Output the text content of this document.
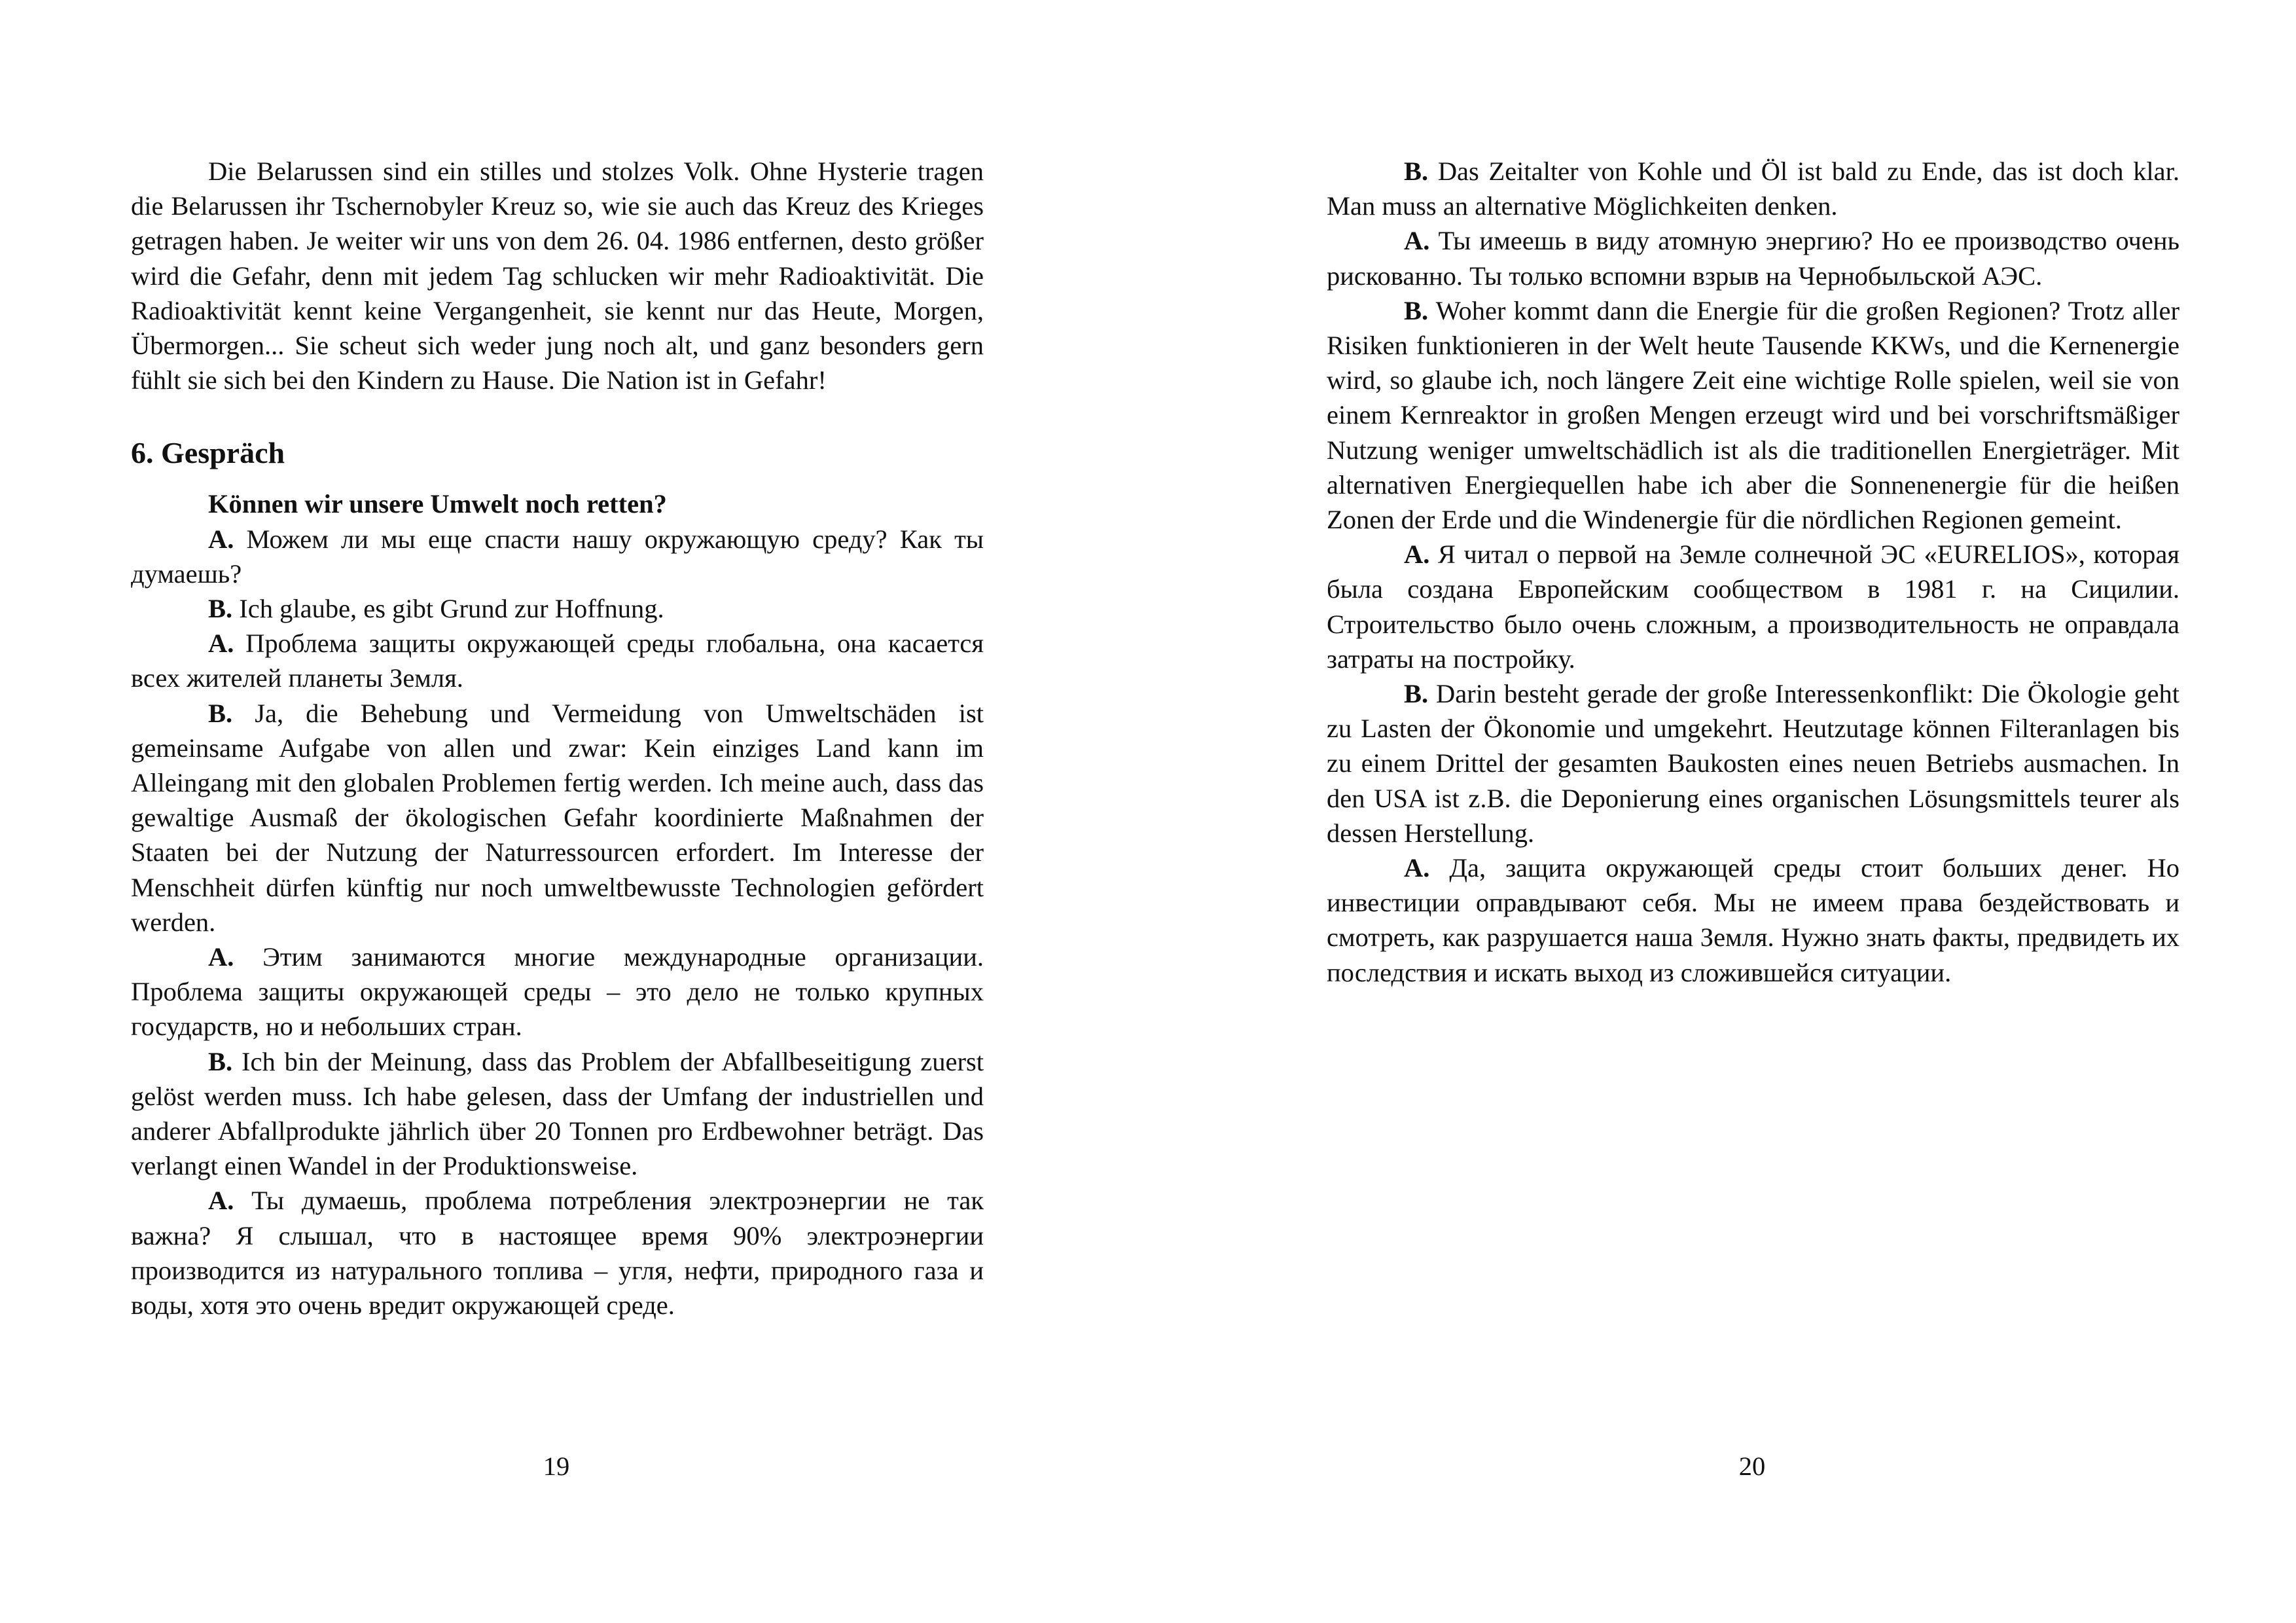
Die Belarussen sind ein stilles und stolzes Volk. Ohne Hysterie tragen die Belarussen ihr Tschernobyler Kreuz so, wie sie auch das Kreuz des Krieges getragen haben. Je weiter wir uns von dem 26. 04. 1986 entfernen, desto größer wird die Gefahr, denn mit jedem Tag schlucken wir mehr Radioaktivität. Die Radioaktivität kennt keine Vergangenheit, sie kennt nur das Heute, Morgen, Übermorgen... Sie scheut sich weder jung noch alt, und ganz besonders gern fühlt sie sich bei den Kindern zu Hause. Die Nation ist in Gefahr!

6. Gespräch

Können wir unsere Umwelt noch retten?

А. Можем ли мы еще спасти нашу окружающую среду? Как ты думаешь?

B. Ich glaube, es gibt Grund zur Hoffnung.

А. Проблема защиты окружающей среды глобальна, она касается всех жителей планеты Земля.

B. Ja, die Behebung und Vermeidung von Umweltschäden ist gemeinsame Aufgabe von allen und zwar: Kein einziges Land kann im Alleingang mit den globalen Problemen fertig werden. Ich meine auch, dass das gewaltige Ausmaß der ökologischen Gefahr koordinierte Maßnahmen der Staaten bei der Nutzung der Naturressourcen erfordert. Im Interesse der Menschheit dürfen künftig nur noch umweltbewusste Technologien gefördert werden.

А. Этим занимаются многие международные организации. Проблема защиты окружающей среды – это дело не только крупных государств, но и небольших стран.

B. Ich bin der Meinung, dass das Problem der Abfallbeseitigung zuerst gelöst werden muss. Ich habe gelesen, dass der Umfang der industriellen und anderer Abfallprodukte jährlich über 20 Tonnen pro Erdbewohner beträgt. Das verlangt einen Wandel in der Produktionsweise.

А. Ты думаешь, проблема потребления электроэнергии не так важна? Я слышал, что в настоящее время 90% электроэнергии производится из натурального топлива – угля, нефти, природного газа и воды, хотя это очень вредит окружающей среде.

19

B. Das Zeitalter von Kohle und Öl ist bald zu Ende, das ist doch klar. Man muss an alternative Möglichkeiten denken.

А. Ты имеешь в виду атомную энергию? Но ее производство очень рискованно. Ты только вспомни взрыв на Чернобыльской АЭС.

B. Woher kommt dann die Energie für die großen Regionen? Trotz aller Risiken funktionieren in der Welt heute Tausende KKWs, und die Kernenergie wird, so glaube ich, noch längere Zeit eine wichtige Rolle spielen, weil sie von einem Kernreaktor in großen Mengen erzeugt wird und bei vorschriftsmäßiger Nutzung weniger umweltschädlich ist als die traditionellen Energieträger. Mit alternativen Energiequellen habe ich aber die Sonnenenergie für die heißen Zonen der Erde und die Windenergie für die nördlichen Regionen gemeint.

А. Я читал о первой на Земле солнечной ЭС «EURELIOS», которая была создана Европейским сообществом в 1981 г. на Сицилии. Строительство было очень сложным, а производительность не оправдала затраты на постройку.

B. Darin besteht gerade der große Interessenkonflikt: Die Ökologie geht zu Lasten der Ökonomie und umgekehrt. Heutzutage können Filteranlagen bis zu einem Drittel der gesamten Baukosten eines neuen Betriebs ausmachen. In den USA ist z.B. die Deponierung eines organischen Lösungsmittels teurer als dessen Herstellung.

А. Да, защита окружающей среды стоит больших денег. Но инвестиции оправдывают себя. Мы не имеем права бездействовать и смотреть, как разрушается наша Земля. Нужно знать факты, предвидеть их последствия и искать выход из сложившейся ситуации.

20
